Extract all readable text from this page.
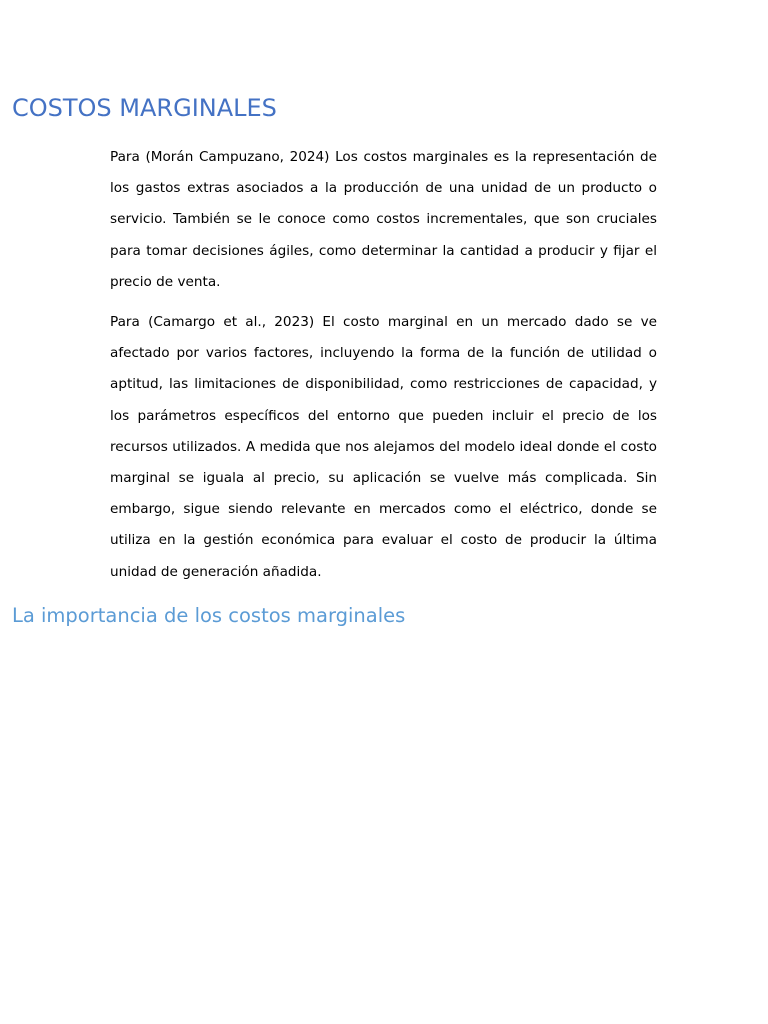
COSTOS MARGINALES

Para (Morán Campuzano, 2024) Los costos marginales es la representación de los gastos extras asociados a la producción de una unidad de un producto o servicio. También se le conoce como costos incrementales, que son cruciales para tomar decisiones ágiles, como determinar la cantidad a producir y fijar el precio de venta.

Para (Camargo et al., 2023) El costo marginal en un mercado dado se ve afectado por varios factores, incluyendo la forma de la función de utilidad o aptitud, las limitaciones de disponibilidad, como restricciones de capacidad, y los parámetros específicos del entorno que pueden incluir el precio de los recursos utilizados. A medida que nos alejamos del modelo ideal donde el costo marginal se iguala al precio, su aplicación se vuelve más complicada. Sin embargo, sigue siendo relevante en mercados como el eléctrico, donde se utiliza en la gestión económica para evaluar el costo de producir la última unidad de generación añadida.

La importancia de los costos marginales
